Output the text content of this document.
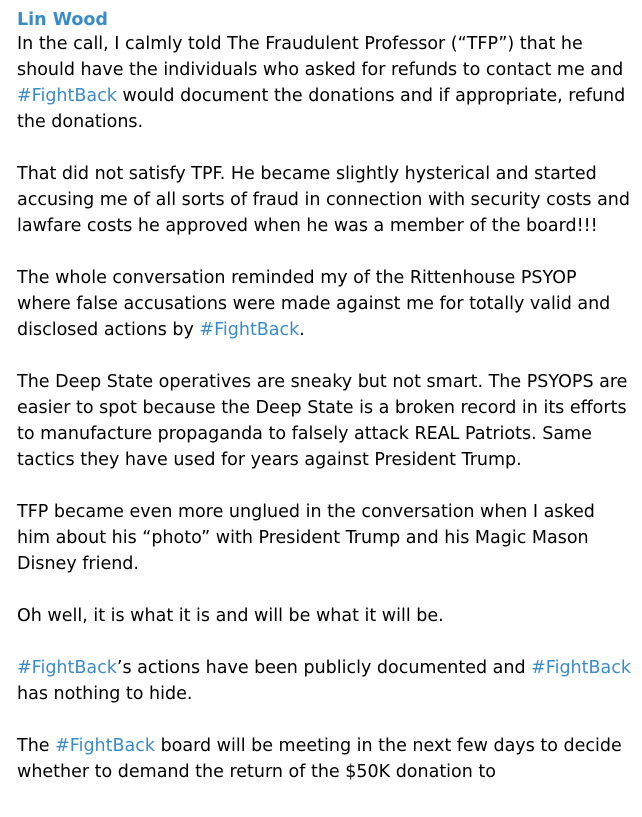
Lin Wood

In the call, I calmly told The Fraudulent Professor (“TFP”) that he should have the individuals who asked for refunds to contact me and #FightBack would document the donations and if appropriate, refund the donations.

That did not satisfy TPF. He became slightly hysterical and started accusing me of all sorts of fraud in connection with security costs and lawfare costs he approved when he was a member of the board!!!

The whole conversation reminded my of the Rittenhouse PSYOP where false accusations were made against me for totally valid and disclosed actions by #FightBack.

The Deep State operatives are sneaky but not smart. The PSYOPS are easier to spot because the Deep State is a broken record in its efforts to manufacture propaganda to falsely attack REAL Patriots. Same tactics they have used for years against President Trump.

TFP became even more unglued in the conversation when I asked him about his “photo” with President Trump and his Magic Mason Disney friend.

Oh well, it is what it is and will be what it will be.

#FightBack’s actions have been publicly documented and #FightBack has nothing to hide.

The #FightBack board will be meeting in the next few days to decide whether to demand the return of the $50K donation to
